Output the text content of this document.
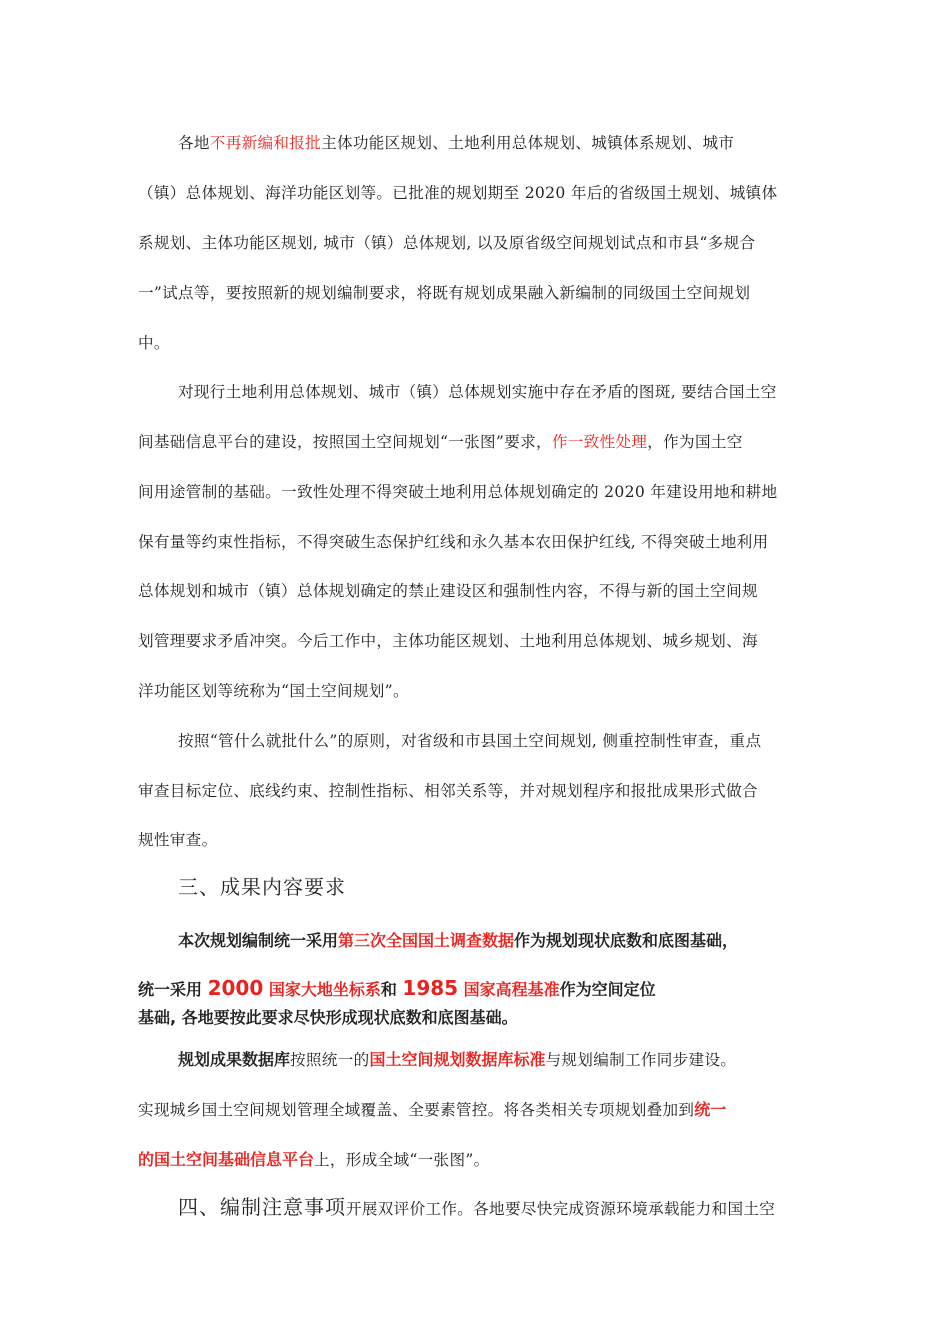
各地不再新编和报批主体功能区规划、土地利用总体规划、城镇体系规划、城市
（镇）总体规划、海洋功能区划等。已批准的规划期至 2020 年后的省级国土规划、城镇体
系规划、主体功能区规划, 城市（镇）总体规划, 以及原省级空间规划试点和市县“多规合
一”试点等，要按照新的规划编制要求，将既有规划成果融入新编制的同级国土空间规划
中。
对现行土地利用总体规划、城市（镇）总体规划实施中存在矛盾的图斑, 要结合国土空
间基础信息平台的建设，按照国土空间规划“一张图”要求，作一致性处理，作为国土空
间用途管制的基础。一致性处理不得突破土地利用总体规划确定的 2020 年建设用地和耕地
保有量等约束性指标，不得突破生态保护红线和永久基本农田保护红线, 不得突破土地利用
总体规划和城市（镇）总体规划确定的禁止建设区和强制性内容，不得与新的国土空间规
划管理要求矛盾冲突。今后工作中，主体功能区规划、土地利用总体规划、城乡规划、海
洋功能区划等统称为“国土空间规划”。
按照“管什么就批什么”的原则，对省级和市县国土空间规划, 侧重控制性审查，重点
审查目标定位、底线约束、控制性指标、相邻关系等，并对规划程序和报批成果形式做合
规性审查。
三、成果内容要求
本次规划编制统一采用第三次全国国土调查数据作为规划现状底数和底图基础，
统一采用 2000 国家大地坐标系和 1985 国家高程基准作为空间定位
基础, 各地要按此要求尽快形成现状底数和底图基础。
规划成果数据库按照统一的国土空间规划数据库标准与规划编制工作同步建设。
实现城乡国土空间规划管理全域覆盖、全要素管控。将各类相关专项规划叠加到统一
的国土空间基础信息平台上，形成全域“一张图”。
四、编制注意事项开展双评价工作。各地要尽快完成资源环境承载能力和国土空
